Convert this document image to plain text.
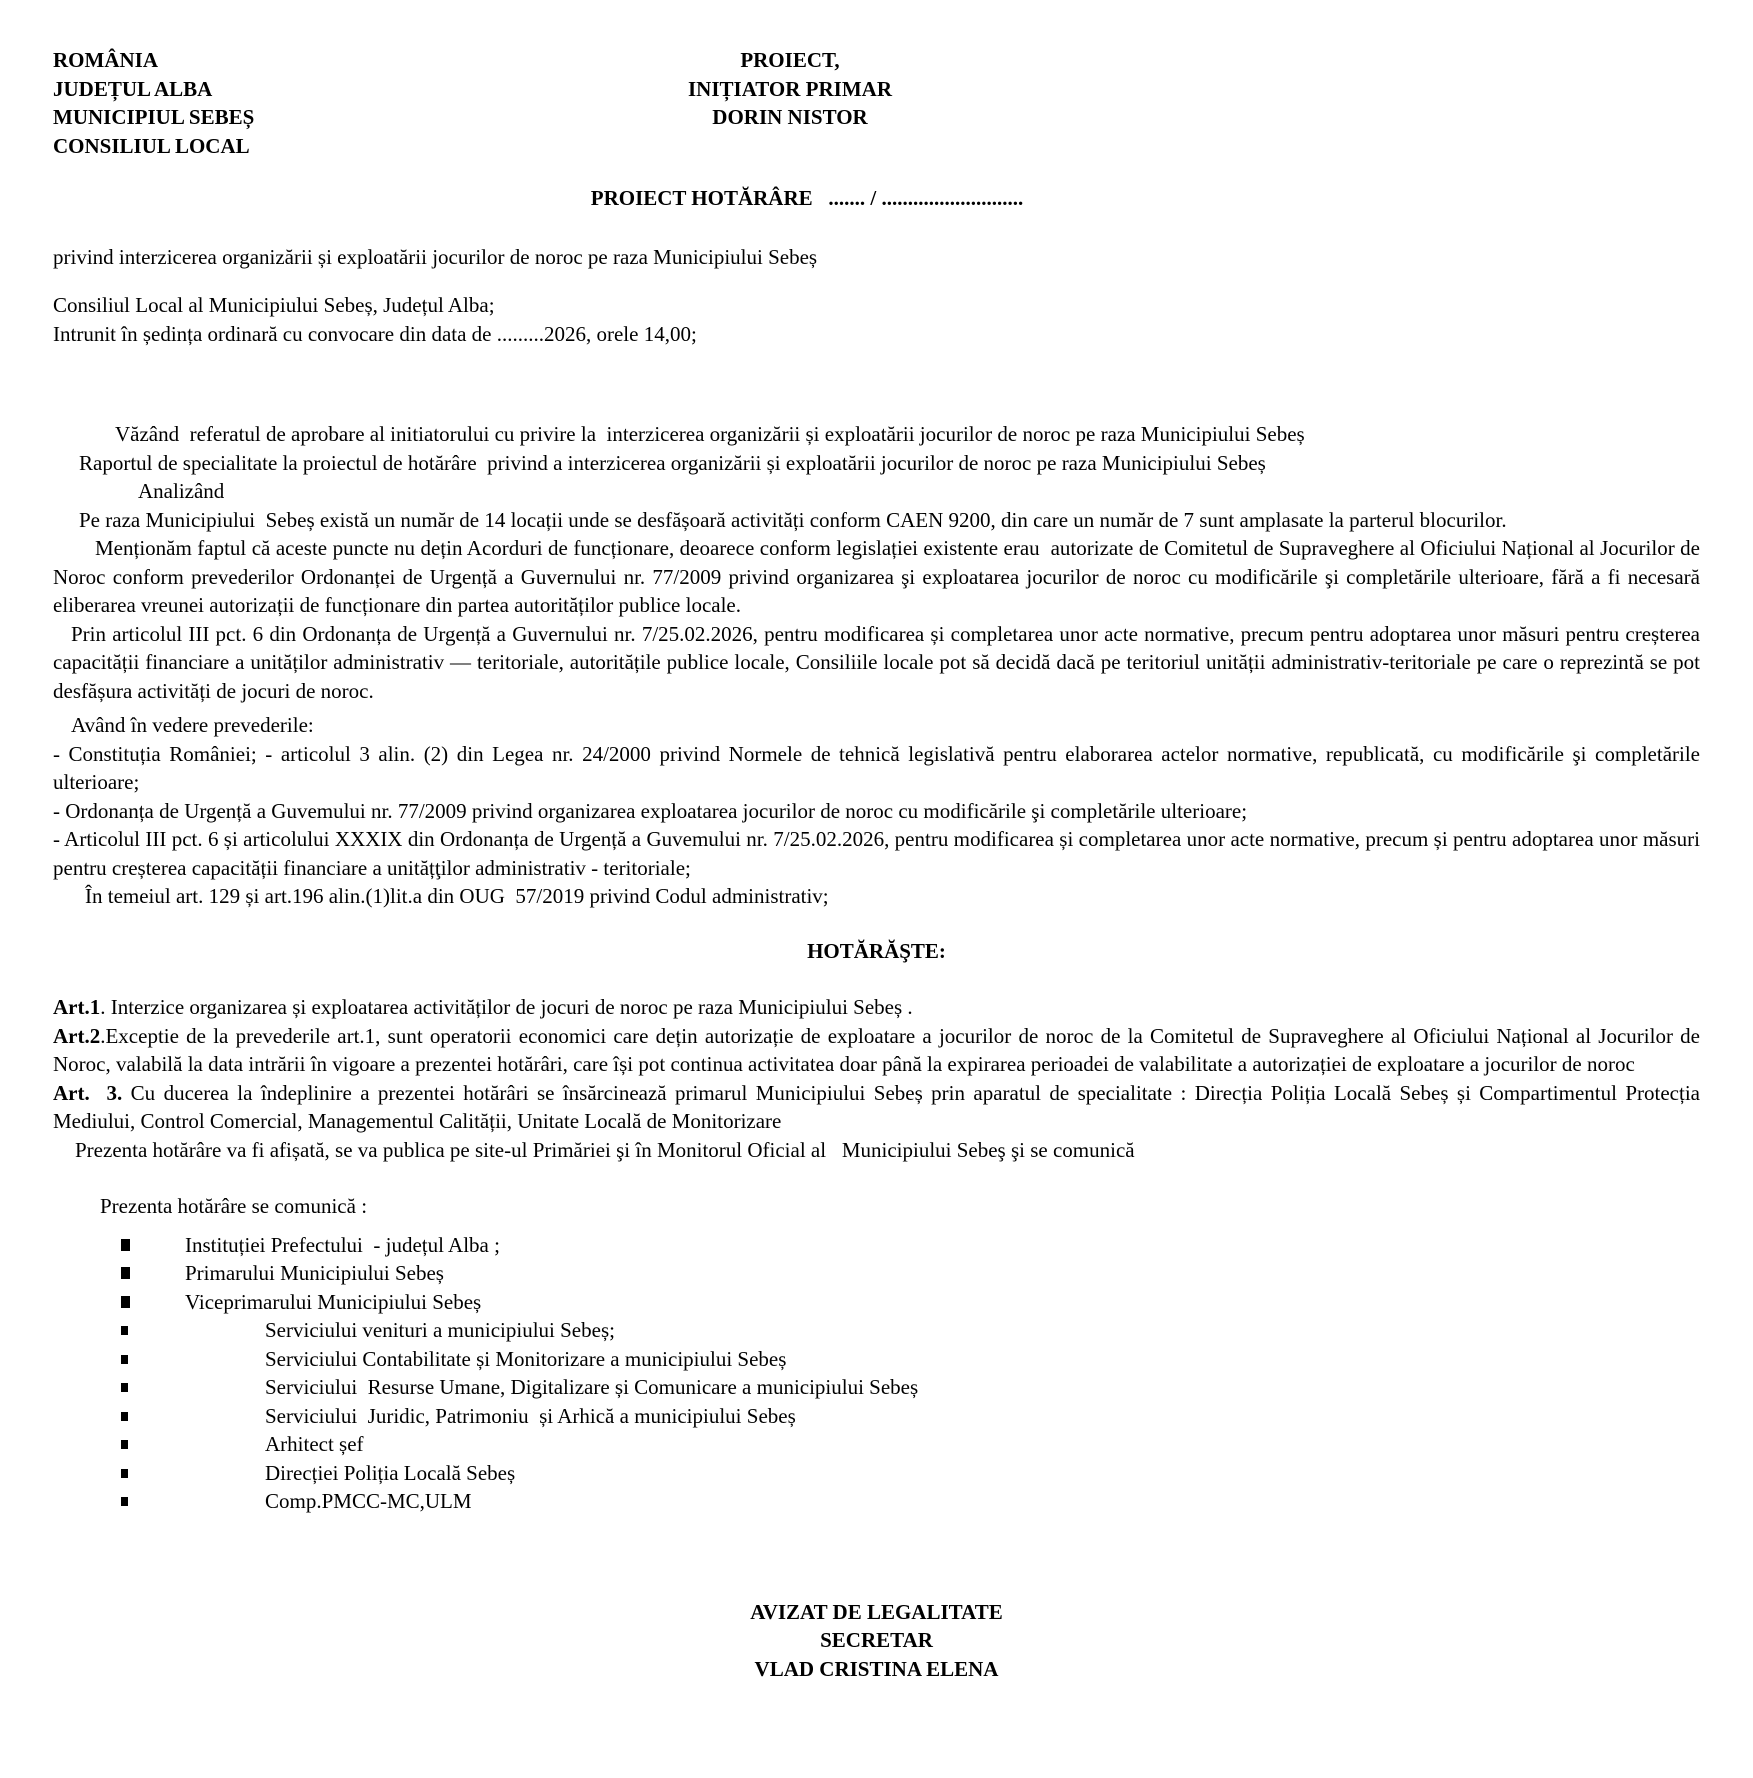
ROMÂNIA
JUDEȚUL ALBA
MUNICIPIUL SEBEȘ
CONSILIUL LOCAL
PROIECT,
INIȚIATOR PRIMAR
DORIN NISTOR
PROIECT HOTĂRÂRE   ....... / ...........................

privind interzicerea organizării și exploatării jocurilor de noroc pe raza Municipiului Sebeș

Consiliul Local al Municipiului Sebeș, Județul Alba;

Intrunit în ședința ordinară cu convocare din data de .........2026, orele 14,00;

Văzând  referatul de aprobare al initiatorului cu privire la  interzicerea organizării și exploatării jocurilor de noroc pe raza Municipiului Sebeș

Raportul de specialitate la proiectul de hotărâre  privind a interzicerea organizării și exploatării jocurilor de noroc pe raza Municipiului Sebeș

Analizând

Pe raza Municipiului  Sebeș există un număr de 14 locații unde se desfășoară activități conform CAEN 9200, din care un număr de 7 sunt amplasate la parterul blocurilor.

Menționăm faptul că aceste puncte nu dețin Acorduri de funcționare, deoarece conform legislației existente erau  autorizate de Comitetul de Supraveghere al Oficiului Național al Jocurilor de Noroc conform prevederilor Ordonanței de Urgență a Guvernului nr. 77/2009 privind organizarea şi exploatarea jocurilor de noroc cu modificările şi completările ulterioare, fără a fi necesară eliberarea vreunei autorizații de funcționare din partea autorităților publice locale.

Prin articolul III pct. 6 din Ordonanța de Urgență a Guvernului nr. 7/25.02.2026, pentru modificarea și completarea unor acte normative, precum pentru adoptarea unor măsuri pentru creșterea capacității financiare a unităților administrativ — teritoriale, autoritățile publice locale, Consiliile locale pot să decidă dacă pe teritoriul unității administrativ-teritoriale pe care o reprezintă se pot desfășura activități de jocuri de noroc.

Având în vedere prevederile:

- Constituția României; - articolul 3 alin. (2) din Legea nr. 24/2000 privind Normele de tehnică legislativă pentru elaborarea actelor normative, republicată, cu modificările şi completările ulterioare;

- Ordonanța de Urgență a Guvemului nr. 77/2009 privind organizarea exploatarea jocurilor de noroc cu modificările şi completările ulterioare;

- Articolul III pct. 6 și articolului XXXIX din Ordonanța de Urgență a Guvemului nr. 7/25.02.2026, pentru modificarea și completarea unor acte normative, precum și pentru adoptarea unor măsuri pentru creșterea capacității financiare a unitățţilor administrativ - teritoriale;

În temeiul art. 129 și art.196 alin.(1)lit.a din OUG  57/2019 privind Codul administrativ;

HOTĂRĂŞTE:

Art.1. Interzice organizarea și exploatarea activităților de jocuri de noroc pe raza Municipiului Sebeș .

Art.2.Exceptie de la prevederile art.1, sunt operatorii economici care dețin autorizație de exploatare a jocurilor de noroc de la Comitetul de Supraveghere al Oficiului Național al Jocurilor de Noroc, valabilă la data intrării în vigoare a prezentei hotărâri, care își pot continua activitatea doar până la expirarea perioadei de valabilitate a autorizației de exploatare a jocurilor de noroc

Art.  3. Cu ducerea la îndeplinire a prezentei hotărâri se însărcinează primarul Municipiului Sebeș prin aparatul de specialitate : Direcția Poliția Locală Sebeș și Compartimentul Protecția Mediului, Control Comercial, Managementul Calității, Unitate Locală de Monitorizare

Prezenta hotărâre va fi afișată, se va publica pe site-ul Primăriei şi în Monitorul Oficial al   Municipiului Sebeş şi se comunică

Prezenta hotărâre se comunică :

Instituției Prefectului  - județul Alba ;
Primarului Municipiului Sebeș
Viceprimarului Municipiului Sebeș
Serviciului venituri a municipiului Sebeș;
Serviciului Contabilitate și Monitorizare a municipiului Sebeș
Serviciului  Resurse Umane, Digitalizare și Comunicare a municipiului Sebeș
Serviciului  Juridic, Patrimoniu  și Arhică a municipiului Sebeș
Arhitect șef
Direcției Poliția Locală Sebeș
Comp.PMCC-MC,ULM
AVIZAT DE LEGALITATE
SECRETAR
VLAD CRISTINA ELENA
